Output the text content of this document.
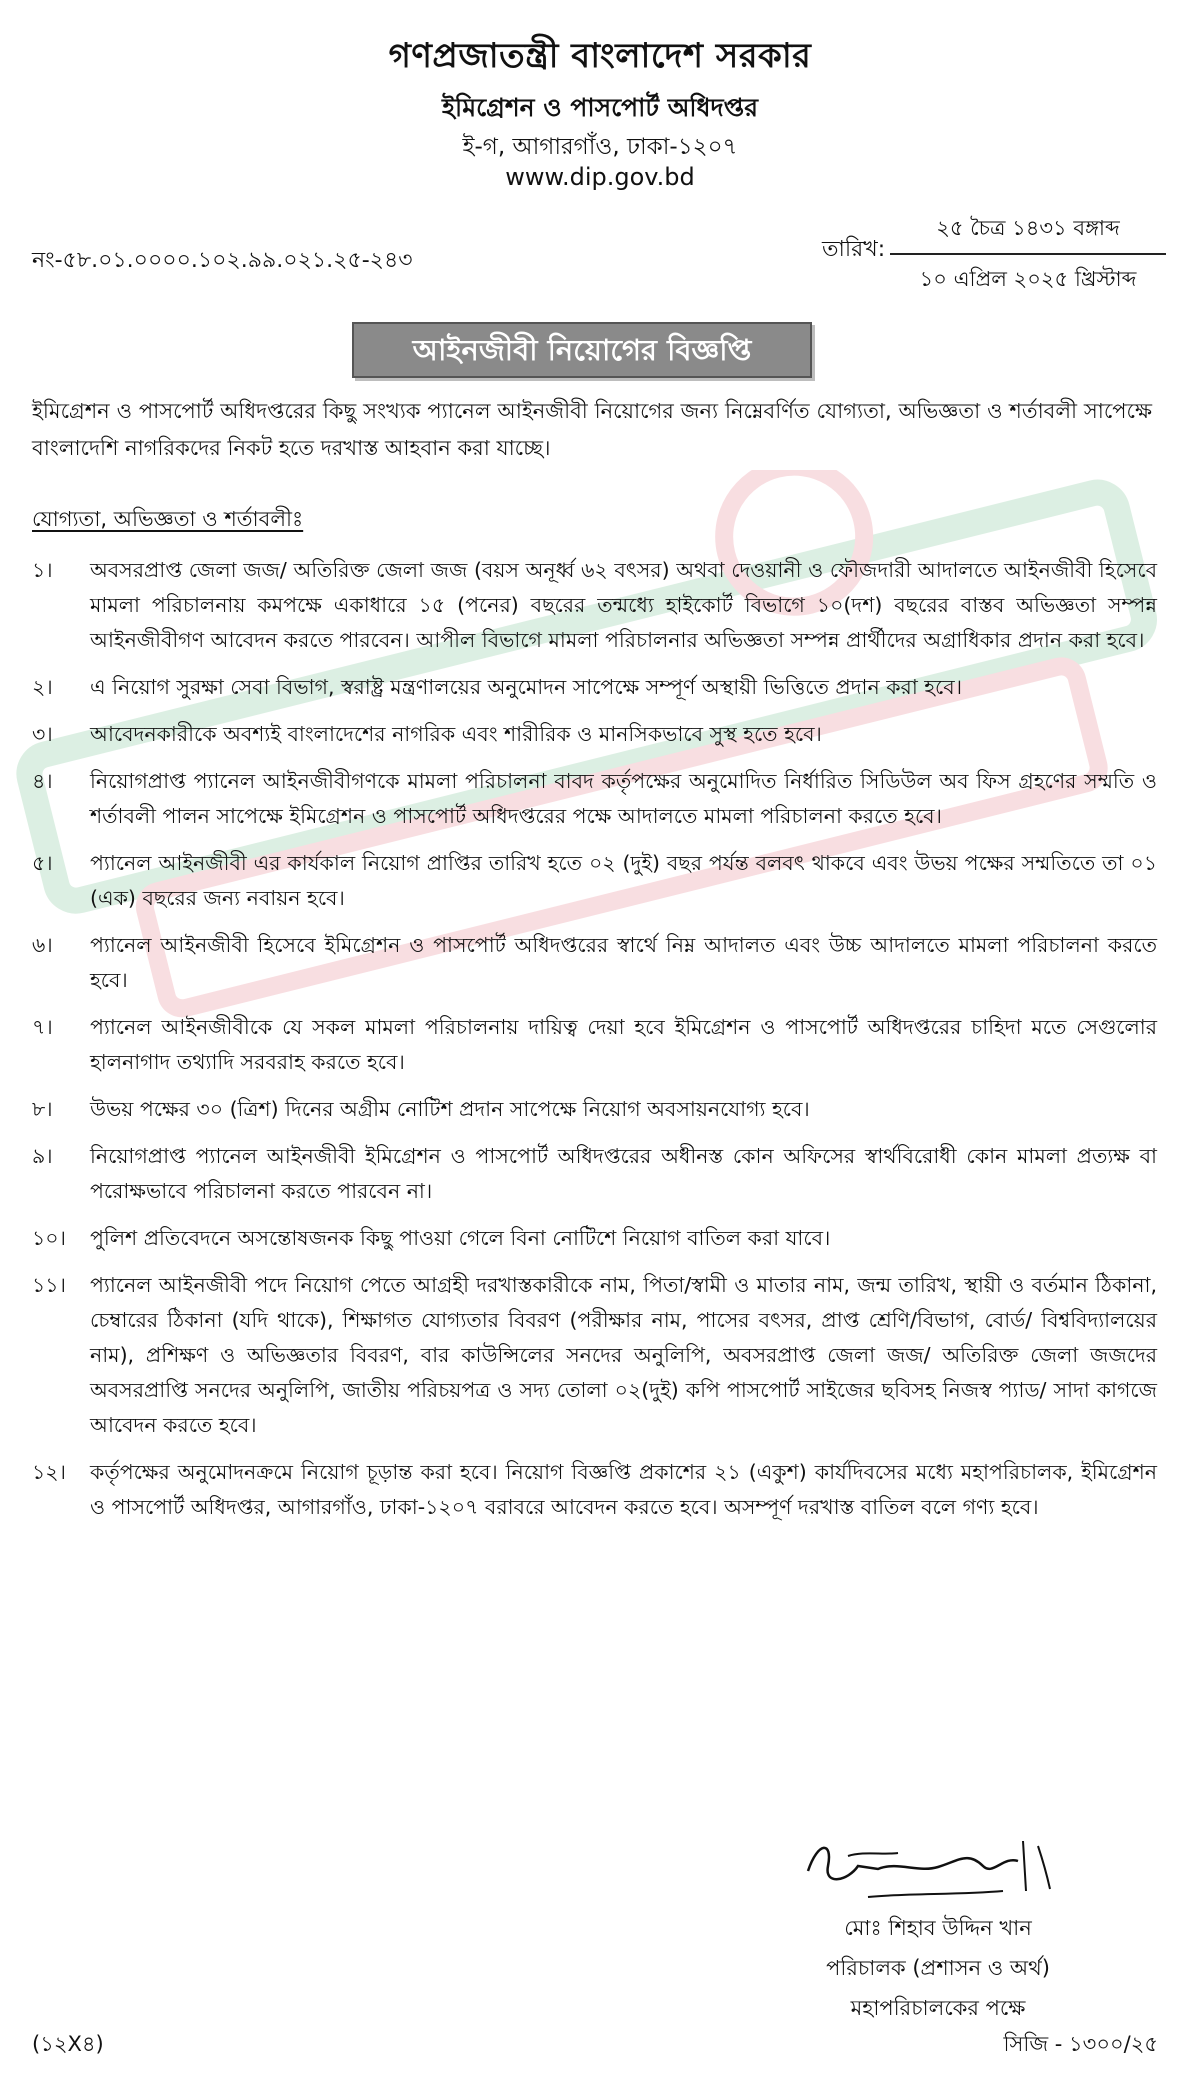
গণপ্রজাতন্ত্রী বাংলাদেশ সরকার
ইমিগ্রেশন ও পাসপোর্ট অধিদপ্তর
ই-গ, আগারগাঁও, ঢাকা-১২০৭
www.dip.gov.bd
নং-৫৮.০১.০০০০.১০২.৯৯.০২১.২৫-২৪৩	তারিখ:
২৫ চৈত্র ১৪৩১ বঙ্গাব্দ
১০ এপ্রিল ২০২৫ খ্রিস্টাব্দ
আইনজীবী নিয়োগের বিজ্ঞপ্তি
ইমিগ্রেশন ও পাসপোর্ট অধিদপ্তরের কিছু সংখ্যক প্যানেল আইনজীবী নিয়োগের জন্য নিম্নেবর্ণিত যোগ্যতা, অভিজ্ঞতা ও শর্তাবলী সাপেক্ষে বাংলাদেশি নাগরিকদের নিকট হতে দরখাস্ত আহবান করা যাচ্ছে।
যোগ্যতা, অভিজ্ঞতা ও শর্তাবলীঃ
১।	অবসরপ্রাপ্ত জেলা জজ/ অতিরিক্ত জেলা জজ (বয়স অনূর্ধ্ব ৬২ বৎসর) অথবা দেওয়ানী ও ফৌজদারী আদালতে আইনজীবী হিসেবে মামলা পরিচালনায় কমপক্ষে একাধারে ১৫ (পনের) বছরের তন্মধ্যে হাইকোর্ট বিভাগে ১০(দশ) বছরের বাস্তব অভিজ্ঞতা সম্পন্ন আইনজীবীগণ আবেদন করতে পারবেন। আপীল বিভাগে মামলা পরিচালনার অভিজ্ঞতা সম্পন্ন প্রার্থীদের অগ্রাধিকার প্রদান করা হবে।
২।	এ নিয়োগ সুরক্ষা সেবা বিভাগ, স্বরাষ্ট্র মন্ত্রণালয়ের অনুমোদন সাপেক্ষে সম্পূর্ণ অস্থায়ী ভিত্তিতে প্রদান করা হবে।
৩।	আবেদনকারীকে অবশ্যই বাংলাদেশের নাগরিক এবং শারীরিক ও মানসিকভাবে সুস্থ হতে হবে।
৪।	নিয়োগপ্রাপ্ত প্যানেল আইনজীবীগণকে মামলা পরিচালনা বাবদ কর্তৃপক্ষের অনুমোদিত নির্ধারিত সিডিউল অব ফিস গ্রহণের সম্মতি ও শর্তাবলী পালন সাপেক্ষে ইমিগ্রেশন ও পাসপোর্ট অধিদপ্তরের পক্ষে আদালতে মামলা পরিচালনা করতে হবে।
৫।	প্যানেল আইনজীবী এর কার্যকাল নিয়োগ প্রাপ্তির তারিখ হতে ০২ (দুই) বছর পর্যন্ত বলবৎ থাকবে এবং উভয় পক্ষের সম্মতিতে তা ০১ (এক) বছরের জন্য নবায়ন হবে।
৬।	প্যানেল আইনজীবী হিসেবে ইমিগ্রেশন ও পাসপোর্ট অধিদপ্তরের স্বার্থে নিম্ন আদালত এবং উচ্চ আদালতে মামলা পরিচালনা করতে হবে।
৭।	প্যানেল আইনজীবীকে যে সকল মামলা পরিচালনায় দায়িত্ব দেয়া হবে ইমিগ্রেশন ও পাসপোর্ট অধিদপ্তরের চাহিদা মতে সেগুলোর হালনাগাদ তথ্যাদি সরবরাহ করতে হবে।
৮।	উভয় পক্ষের ৩০ (ত্রিশ) দিনের অগ্রীম নোটিশ প্রদান সাপেক্ষে নিয়োগ অবসায়নযোগ্য হবে।
৯।	নিয়োগপ্রাপ্ত প্যানেল আইনজীবী ইমিগ্রেশন ও পাসপোর্ট অধিদপ্তরের অধীনস্ত কোন অফিসের স্বার্থবিরোধী কোন মামলা প্রত্যক্ষ বা পরোক্ষভাবে পরিচালনা করতে পারবেন না।
১০।	পুলিশ প্রতিবেদনে অসন্তোষজনক কিছু পাওয়া গেলে বিনা নোটিশে নিয়োগ বাতিল করা যাবে।
১১।	প্যানেল আইনজীবী পদে নিয়োগ পেতে আগ্রহী দরখাস্তকারীকে নাম, পিতা/স্বামী ও মাতার নাম, জন্ম তারিখ, স্থায়ী ও বর্তমান ঠিকানা, চেম্বারের ঠিকানা (যদি থাকে), শিক্ষাগত যোগ্যতার বিবরণ (পরীক্ষার নাম, পাসের বৎসর, প্রাপ্ত শ্রেণি/বিভাগ, বোর্ড/ বিশ্ববিদ্যালয়ের নাম), প্রশিক্ষণ ও অভিজ্ঞতার বিবরণ, বার কাউন্সিলের সনদের অনুলিপি, অবসরপ্রাপ্ত জেলা জজ/ অতিরিক্ত জেলা জজদের অবসরপ্রাপ্তি সনদের অনুলিপি, জাতীয় পরিচয়পত্র ও সদ্য তোলা ০২(দুই) কপি পাসপোর্ট সাইজের ছবিসহ নিজস্ব প্যাড/ সাদা কাগজে আবেদন করতে হবে।
১২।	কর্তৃপক্ষের অনুমোদনক্রমে নিয়োগ চূড়ান্ত করা হবে। নিয়োগ বিজ্ঞপ্তি প্রকাশের ২১ (একুশ) কার্যদিবসের মধ্যে মহাপরিচালক, ইমিগ্রেশন ও পাসপোর্ট অধিদপ্তর, আগারগাঁও, ঢাকা-১২০৭ বরাবরে আবেদন করতে হবে। অসম্পূর্ণ দরখাস্ত বাতিল বলে গণ্য হবে।
মোঃ শিহাব উদ্দিন খান
পরিচালক (প্রশাসন ও অর্থ)
মহাপরিচালকের পক্ষে
(১২X৪)	সিজি - ১৩০০/২৫
